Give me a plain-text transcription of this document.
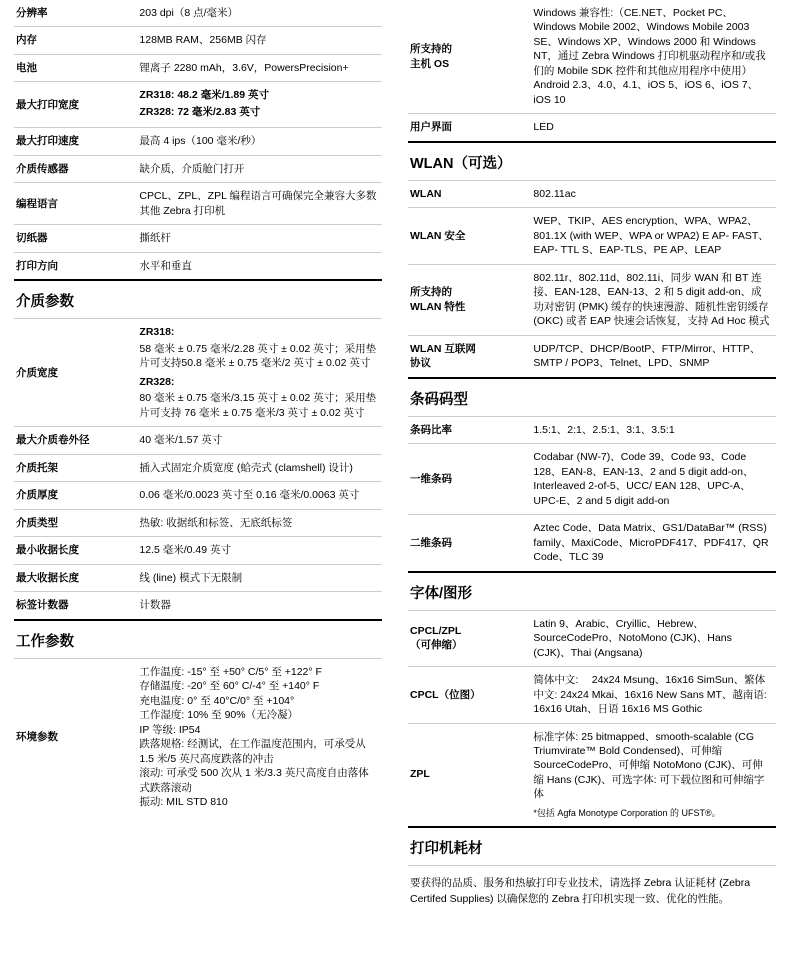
分辨率	203 dpi（8 点/毫米）
内存	128MB RAM、256MB 闪存
电池	锂离子 2280 mAh，3.6V，PowersPrecision+
最大打印宽度	ZR318: 48.2 毫米/1.89 英寸
ZR328: 72 毫米/2.83 英寸

最大打印速度	最高 4 ips（100 毫米/秒）
介质传感器	缺介质，介质舱门打开
编程语言	CPCL、ZPL、ZPL 编程语言可确保完全兼容大多数其他 Zebra 打印机
切纸器	撕纸杆
打印方向	水平和垂直
介质参数
介质宽度	ZR318:
58 毫米 ± 0.75 毫米/2.28 英寸 ± 0.02 英寸；采用垫片可支持50.8 毫米 ± 0.75 毫米/2 英寸 ± 0.02 英寸
ZR328:
80 毫米 ± 0.75 毫米/3.15 英寸 ± 0.02 英寸；采用垫片可支持 76 毫米 ± 0.75 毫米/3 英寸 ± 0.02 英寸

最大介质卷外径	40 毫米/1.57 英寸
介质托架	插入式固定介质宽度 (蛤壳式 (clamshell) 设计)
介质厚度	0.06 毫米/0.0023 英寸至 0.16 毫米/0.0063 英寸
介质类型	热敏: 收据纸和标签、无底纸标签
最小收据长度	12.5 毫米/0.49 英寸
最大收据长度	线 (line) 模式下无限制
标签计数器	计数器
工作参数
环境参数	
工作温度: -15° 至 +50° C/5° 至 +122° F
存储温度: -20° 至 60° C/-4° 至 +140° F
充电温度: 0° 至 40°C/0° 至 +104°
工作湿度: 10% 至 90%（无冷凝）
IP 等级: IP54
跌落规格: 经测试，在工作温度范围内，可承受从 1.5 米/5 英尺高度跌落的冲击
滚动: 可承受 500 次从 1 米/3.3 英尺高度自由落体式跌落滚动
振动: MIL STD 810
所支持的
主机 OS	Windows 兼容性:（CE.NET、Pocket PC、Windows Mobile 2002、Windows Mobile 2003 SE、Windows XP、Windows 2000 和 Windows NT，通过 Zebra Windows 打印机驱动程序和/或我们的 Mobile SDK 控件和其他应用程序中使用）Android 2.3、4.0、4.1、iOS 5、iOS 6、iOS 7、iOS 10
用户界面	LED
WLAN（可选）
WLAN	802.11ac
WLAN 安全	WEP、TKIP、AES encryption、WPA、WPA2、801.1X (with WEP、WPA or WPA2) E AP- FAST、EAP- TTL S、EAP-TLS、PE AP、LEAP

所支持的
WLAN 特性	802.11r、802.11d、802.11i、同步 WAN 和 BT 连接、EAN-128、EAN-13、2 和 5 digit add-on、成功对密钥 (PMK) 缓存的快速漫游、随机性密钥缓存 (OKC) 或者 EAP 快速会话恢复，支持 Ad Hoc 模式

WLAN 互联网
协议	UDP/TCP、DHCP/BootP、FTP/Mirror、HTTP、SMTP / POP3、Telnet、LPD、SNMP
条码码型
条码比率	1.5:1、2:1、2.5:1、3:1、3.5:1
一维条码	Codabar (NW-7)、Code 39、Code 93、Code 128、EAN-8、EAN-13、2 and 5 digit add-on、Interleaved 2-of-5、UCC/ EAN 128、UPC-A、UPC-E、2 and 5 digit add-on
二维条码	Aztec Code、Data Matrix、GS1/DataBar™ (RSS) family、MaxiCode、MicroPDF417、PDF417、QR Code、TLC 39
字体/图形
CPCL/ZPL
（可伸缩）	Latin 9、Arabic、Cryillic、Hebrew、SourceCodePro、NotoMono (CJK)、Hans (CJK)、Thai (Angsana)
CPCL（位图）	简体中文: 　24x24 Msung、16x16 SimSun、繁体中文: 24x24 Mkai、16x16 New Sans MT、越南语: 16x16 Utah、日语 16x16 MS Gothic
ZPL	标准字体: 25 bitmapped、smooth-scalable (CG Triumvirate™ Bold Condensed)、可伸缩 SourceCodePro、可伸缩 NotoMono (CJK)、可伸缩 Hans (CJK)、可选字体: 可下载位图和可伸缩字体
*包括 Agfa Monotype Corporation 的 UFST®。
打印机耗材
要获得的品质、服务和热敏打印专业技术，请选择 Zebra 认证耗材 (Zebra Certifed Supplies) 以确保您的 Zebra 打印机实现一致、优化的性能。
